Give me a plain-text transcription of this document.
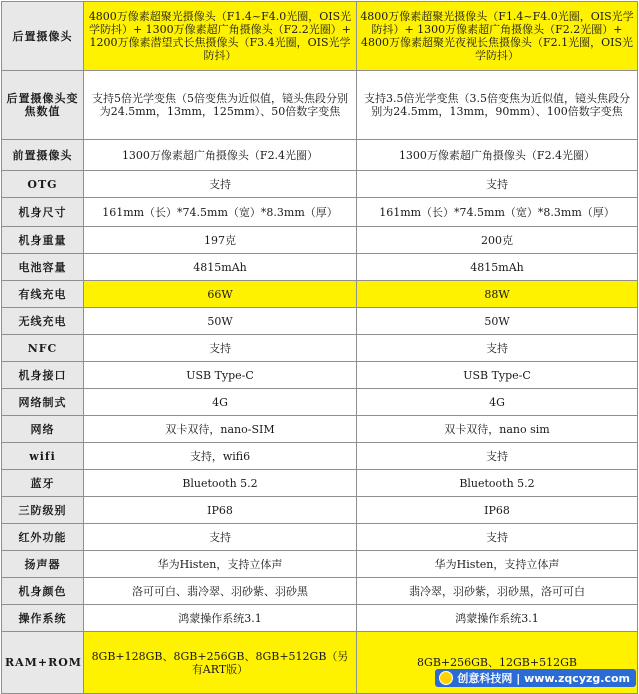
后置摄像头	4800万像素超聚光摄像头（F1.4~F4.0光圈，OIS光学防抖）+ 1300万像素超广角摄像头（F2.2光圈）+ 1200万像素潜望式长焦摄像头（F3.4光圈，OIS光学防抖）	4800万像素超聚光摄像头（F1.4~F4.0光圈，OIS光学防抖）+ 1300万像素超广角摄像头（F2.2光圈）+ 4800万像素超聚光夜视长焦摄像头（F2.1光圈，OIS光学防抖）
后置摄像头变焦数值	支持5倍光学变焦（5倍变焦为近似值，镜头焦段分别为24.5mm，13mm，125mm）、50倍数字变焦	支持3.5倍光学变焦（3.5倍变焦为近似值，镜头焦段分别为24.5mm，13mm，90mm）、100倍数字变焦
前置摄像头	1300万像素超广角摄像头（F2.4光圈）	1300万像素超广角摄像头（F2.4光圈）
OTG	支持	支持
机身尺寸	161mm（长）*74.5mm（宽）*8.3mm（厚）	161mm（长）*74.5mm（宽）*8.3mm（厚）
机身重量	197克	200克
电池容量	4815mAh	4815mAh
有线充电	66W	88W
无线充电	50W	50W
NFC	支持	支持
机身接口	USB Type-C	USB Type-C
网络制式	4G	4G
网络	双卡双待，nano-SIM	双卡双待，nano sim
wifi	支持，wifi6	支持
蓝牙	Bluetooth 5.2	Bluetooth 5.2
三防级别	IP68	IP68
红外功能	支持	支持
扬声器	华为Histen，支持立体声	华为Histen，支持立体声
机身颜色	洛可可白、翡冷翠、羽砂紫、羽砂黑	翡冷翠，羽砂紫，羽砂黑，洛可可白
操作系统	鸿蒙操作系统3.1	鸿蒙操作系统3.1
RAM+ROM	8GB+128GB、8GB+256GB、8GB+512GB（另有ART版）	8GB+256GB、12GB+512GB
创意科技网 | www.zqcyzg.com
